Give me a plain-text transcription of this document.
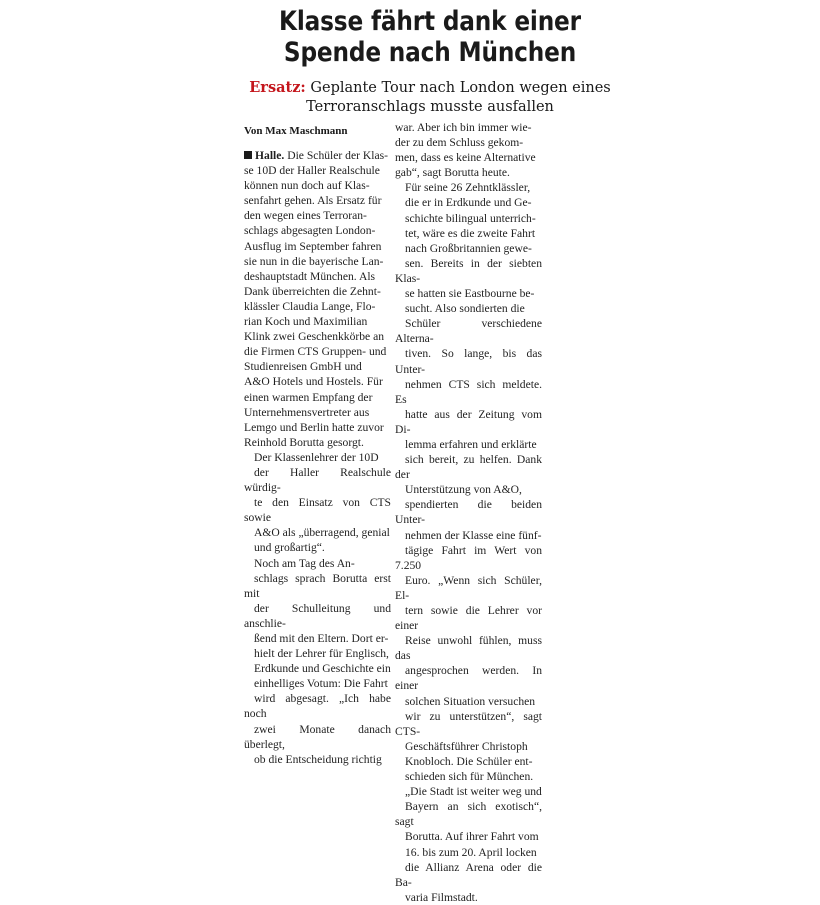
Klasse fährt dank einer
Spende nach München
Ersatz: Geplante Tour nach London wegen eines
Terroranschlags musste ausfallen
Von Max Maschmann

Halle. Die Schüler der Klas-
se 10D der Haller Realschule
können nun doch auf Klas-
senfahrt gehen. Als Ersatz für
den wegen eines Terroran-
schlags abgesagten London-
Ausflug im September fahren
sie nun in die bayerische Lan-
deshauptstadt München. Als
Dank überreichten die Zehnt-
klässler Claudia Lange, Flo-
rian Koch und Maximilian
Klink zwei Geschenkkörbe an
die Firmen CTS Gruppen- und
Studienreisen GmbH und
A&O Hotels und Hostels. Für
einen warmen Empfang der
Unternehmensvertreter aus
Lemgo und Berlin hatte zuvor
Reinhold Borutta gesorgt.

Der Klassenlehrer der 10D
der Haller Realschule würdig-
te den Einsatz von CTS sowie
A&O als „überragend, genial
und großartig“.

Noch am Tag des An-
schlags sprach Borutta erst mit
der Schulleitung und anschlie-
ßend mit den Eltern. Dort er-
hielt der Lehrer für Englisch,
Erdkunde und Geschichte ein
einhelliges Votum: Die Fahrt
wird abgesagt. „Ich habe noch
zwei Monate danach überlegt,
ob die Entscheidung richtig

war. Aber ich bin immer wie-
der zu dem Schluss gekom-
men, dass es keine Alternative
gab“, sagt Borutta heute.

Für seine 26 Zehntklässler,
die er in Erdkunde und Ge-
schichte bilingual unterrich-
tet, wäre es die zweite Fahrt
nach Großbritannien gewe-
sen. Bereits in der siebten Klas-
se hatten sie Eastbourne be-
sucht. Also sondierten die
Schüler verschiedene Alterna-
tiven. So lange, bis das Unter-
nehmen CTS sich meldete. Es
hatte aus der Zeitung vom Di-
lemma erfahren und erklärte
sich bereit, zu helfen. Dank der
Unterstützung von A&O,
spendierten die beiden Unter-
nehmen der Klasse eine fünf-
tägige Fahrt im Wert von 7.250
Euro. „Wenn sich Schüler, El-
tern sowie die Lehrer vor einer
Reise unwohl fühlen, muss das
angesprochen werden. In einer
solchen Situation versuchen
wir zu unterstützen“, sagt CTS-
Geschäftsführer Christoph
Knobloch. Die Schüler ent-
schieden sich für München.
„Die Stadt ist weiter weg und
Bayern an sich exotisch“, sagt
Borutta. Auf ihrer Fahrt vom
16. bis zum 20. April locken
die Allianz Arena oder die Ba-
varia Filmstadt.
